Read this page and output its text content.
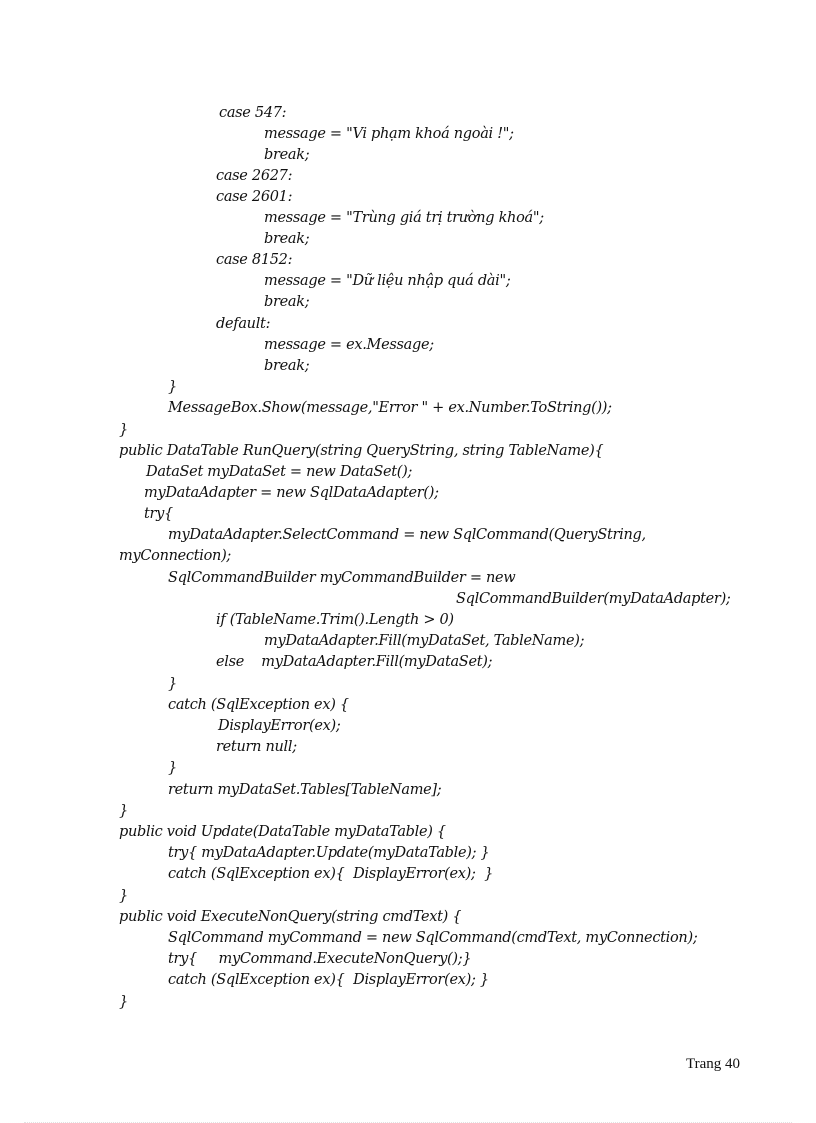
case 547:

message = "Vi phạm khoá ngoài !";

break;

case 2627:

case 2601:

message = "Trùng giá trị trường khoá";

break;

case 8152:

message = "Dữ liệu nhập quá dài";

break;

default:

message = ex.Message;

break;

}

MessageBox.Show(message,"Error " + ex.Number.ToString());

}

public DataTable RunQuery(string QueryString, string TableName){

DataSet myDataSet = new DataSet();

myDataAdapter = new SqlDataAdapter();

try{

myDataAdapter.SelectCommand = new SqlCommand(QueryString,

myConnection);

SqlCommandBuilder myCommandBuilder = new

SqlCommandBuilder(myDataAdapter);

if (TableName.Trim().Length > 0)

myDataAdapter.Fill(myDataSet, TableName);

else    myDataAdapter.Fill(myDataSet);

}

catch (SqlException ex) {

DisplayError(ex);

return null;

}

return myDataSet.Tables[TableName];

}

public void Update(DataTable myDataTable) {

try{ myDataAdapter.Update(myDataTable); }

catch (SqlException ex){  DisplayError(ex);  }

}

public void ExecuteNonQuery(string cmdText) {

SqlCommand myCommand = new SqlCommand(cmdText, myConnection);

try{     myCommand.ExecuteNonQuery();}

catch (SqlException ex){  DisplayError(ex); }

}

Trang 40
